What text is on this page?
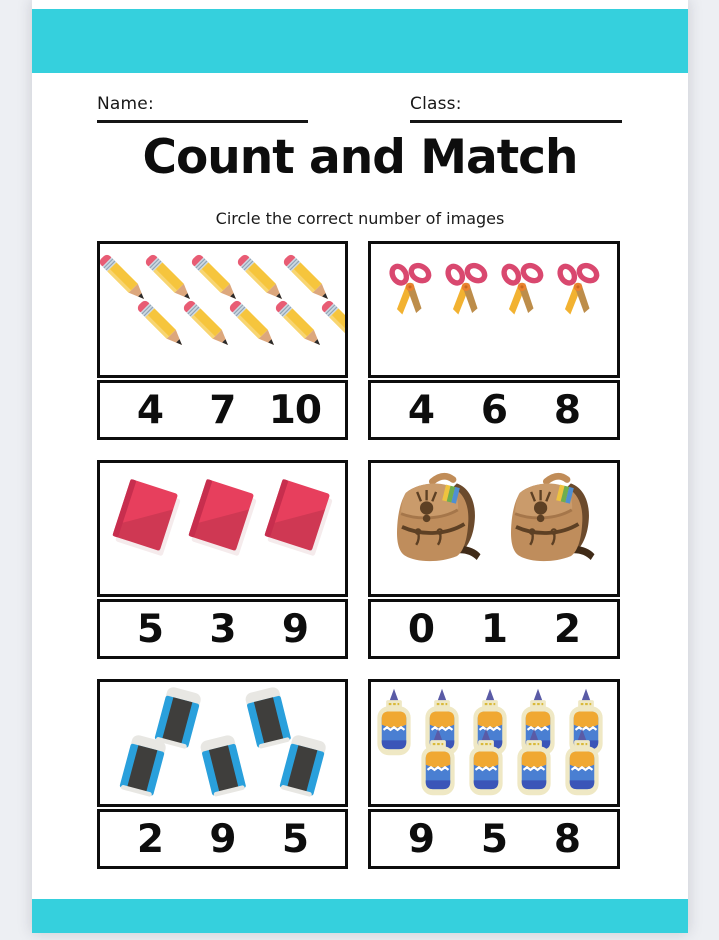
Name:	Class:
Count and Match

Circle the correct number of images

4	7 10	4	6	8
5	3	9	0	1	2
2	9	5	9	5	8
